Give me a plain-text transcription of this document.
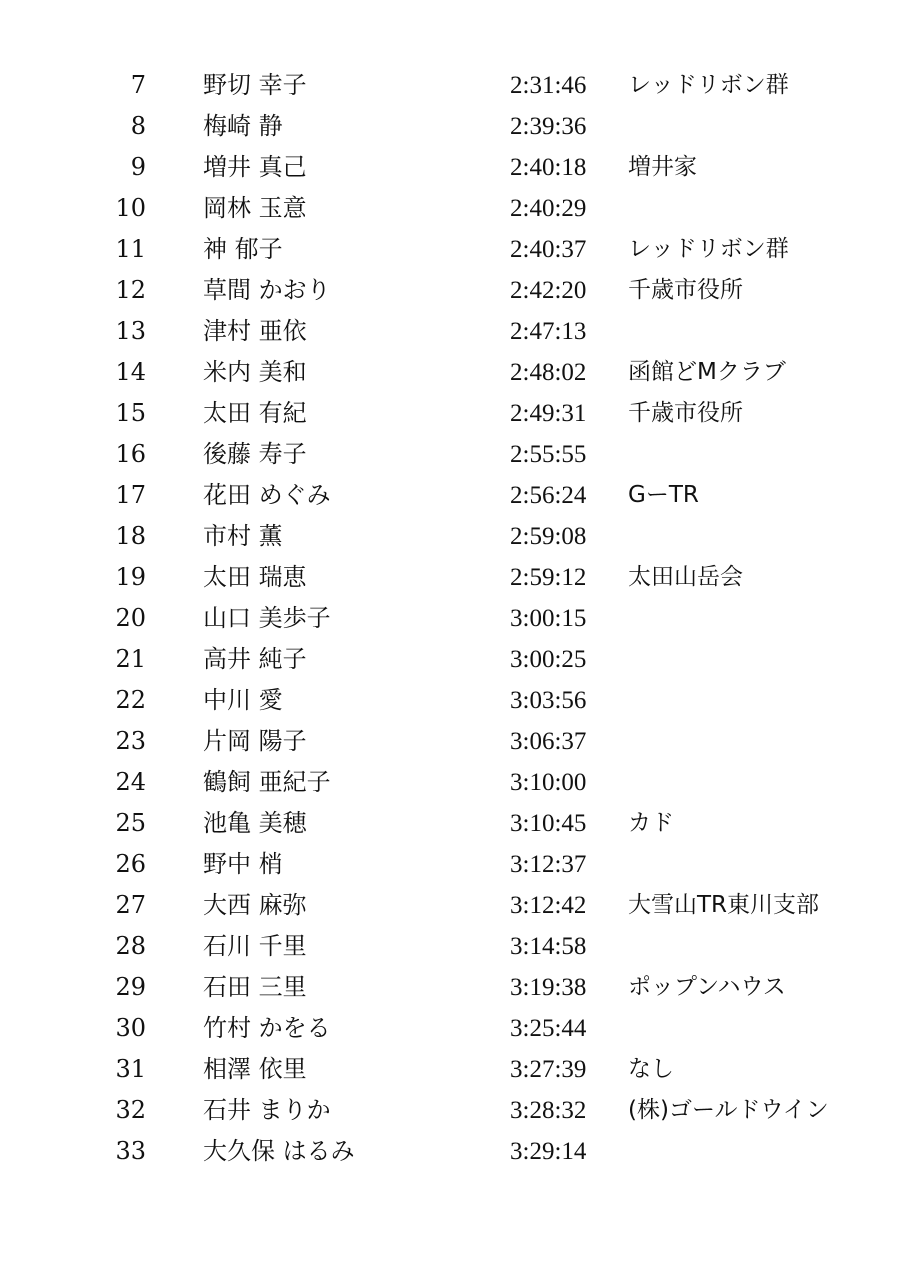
7 野切 幸子	2:31:46 レッドリボン群
8 梅崎 静	2:39:36
9 増井 真己	2:40:18 増井家
10 岡林 玉意	2:40:29
11 神 郁子	2:40:37 レッドリボン群
12 草間 かおり	2:42:20 千歳市役所
13 津村 亜依	2:47:13
14 米内 美和	2:48:02 函館どMクラブ
15 太田 有紀	2:49:31 千歳市役所
16 後藤 寿子	2:55:55
17 花田 めぐみ	2:56:24 GーTR
18 市村 薫	2:59:08
19 太田 瑞恵	2:59:12 太田山岳会
20 山口 美歩子	3:00:15
21 高井 純子	3:00:25
22 中川 愛	3:03:56
23 片岡 陽子	3:06:37
24 鶴飼 亜紀子	3:10:00
25 池亀 美穂	3:10:45 カド
26 野中 梢	3:12:37
27 大西 麻弥	3:12:42 大雪山TR東川支部
28 石川 千里	3:14:58
29 石田 三里	3:19:38 ポップンハウス
30 竹村 かをる	3:25:44
31 相澤 依里	3:27:39 なし
32 石井 まりか	3:28:32 (株)ゴールドウイン
33 大久保 はるみ	3:29:14
